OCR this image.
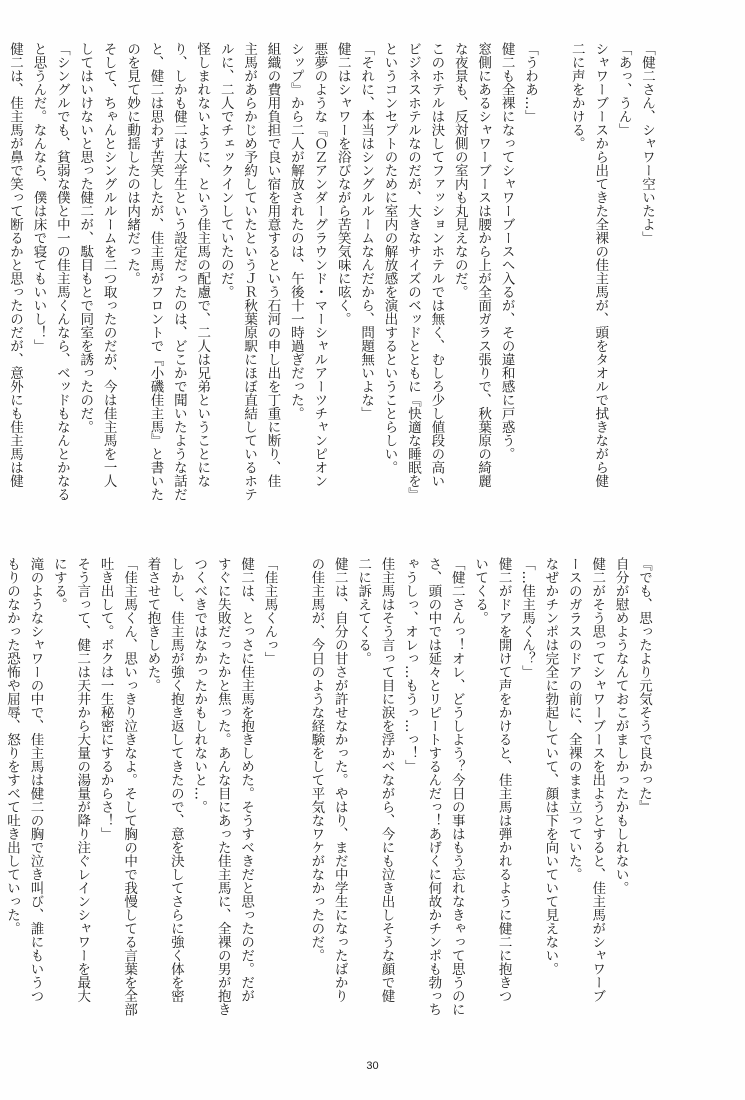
「健二さん、シャワー空いたよ」

「あっ、うん」

シャワーブースから出てきた全裸の佳主馬が、頭をタオルで拭きながら健

二に声をかける。

「うわあ…」

健二も全裸になってシャワーブースへ入るが、その違和感に戸惑う。

窓側にあるシャワーブースは腰から上が全面ガラス張りで、秋葉原の綺麗

な夜景も、反対側の室内も丸見えなのだ。

このホテルは決してファッションホテルでは無く、むしろ少し値段の高い

ビジネスホテルなのだが、大きなサイズのベッドとともに『快適な睡眠を』

というコンセプトのために室内の解放感を演出するということらしい。

「それに、本当はシングルルームなんだから、問題無いよな」

健二はシャワーを浴びながら苦笑気味に呟く。

悪夢のような『ＯＺアンダーグラウンド・マーシャルアーツチャンピオン

シップ』から二人が解放されたのは、午後十一時過ぎだった。

組織の費用負担で良い宿を用意するという石河の申し出を丁重に断り、佳

主馬があらかじめ予約していたというＪＲ秋葉原駅にほぼ直結しているホテ

ルに、二人でチェックインしていたのだ。

怪しまれないように、という佳主馬の配慮で、二人は兄弟ということにな

り、しかも健二は大学生という設定だったのは、どこかで聞いたような話だ

と、健二は思わず苦笑したが、佳主馬がフロントで『小磯佳主馬』と書いた

のを見て妙に動揺したのは内緒だった。

そして、ちゃんとシングルルームを二つ取ったのだが、今は佳主馬を一人

してはいけないと思った健二が、駄目もとで同室を誘ったのだ。

「シングルでも、貧弱な僕と中一の佳主馬くんなら、ベッドもなんとかなる

と思うんだ。なんなら、僕は床で寝てもいいし！」

健二は、佳主馬が鼻で笑って断るかと思ったのだが、意外にも佳主馬は健

『でも、思ったより元気そうで良かった』

自分が慰めようなんておこがましかったかもしれない。

健二がそう思ってシャワーブースを出ようとすると、佳主馬がシャワーブ

ースのガラスのドアの前に、全裸のまま立っていた。

なぜかチンポは完全に勃起していて、顔は下を向いていて見えない。

「…佳主馬くん？」

健二がドアを開けて声をかけると、佳主馬は弾かれるように健二に抱きつ

いてくる。

「健二さんっ！オレ、どうしよう？今日の事はもう忘れなきゃって思うのに

さ、頭の中では延々とリピートするんだっ！あげくに何故かチンポも勃っち

ゃうしっ、オレっ…もうっ…っ！」

佳主馬はそう言って目に涙を浮かべながら、今にも泣き出しそうな顔で健

二に訴えてくる。

健二は、自分の甘さが許せなかった。やはり、まだ中学生になったばかり

の佳主馬が、今日のような経験をして平気なワケがなかったのだ。

「佳主馬くんっ」

健二は、とっさに佳主馬を抱きしめた。そうすべきだと思ったのだ。だが

すぐに失敗だったかと焦った。あんな目にあった佳主馬に、全裸の男が抱き

つくべきではなかったかもしれないと…。

しかし、佳主馬が強く抱き返してきたので、意を決してさらに強く体を密

着させて抱きしめた。

「佳主馬くん、思いっきり泣きなよ。そして胸の中で我慢してる言葉を全部

吐き出して。ボクは一生秘密にするからさ！」

そう言って、健二は天井から大量の湯量が降り注ぐレインシャワーを最大

にする。

滝のようなシャワーの中で、佳主馬は健二の胸で泣き叫び、誰にもいうつ

もりのなかった恐怖や屈辱、怒りをすべて吐き出していった。

30
